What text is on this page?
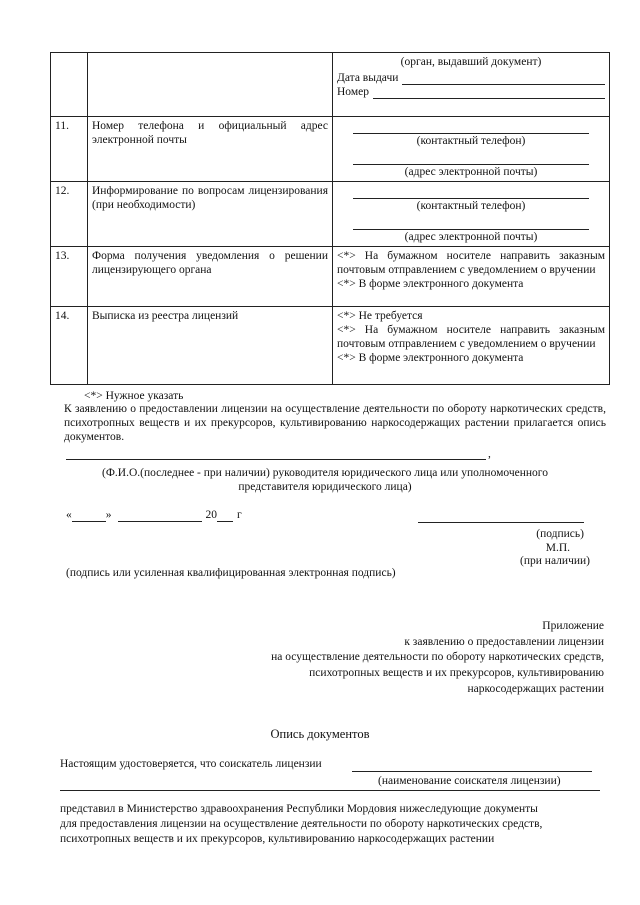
		(орган, выдавший документ)
Дата выдачи
Номер

11.	Номер телефона и официальный адрес электронной почты	(контактный телефон)
(адрес электронной почты)

12.	Информирование по вопросам лицензирования (при необходимости)	(контактный телефон)
(адрес электронной почты)

13.	Форма получения уведомления о решении лицензирующего органа	<*> На бумажном носителе направить заказным почтовым отправлением с уведомлением о вручении
<*> В форме электронного документа

14.	Выписка из реестра лицензий	<*> Не требуется
<*> На бумажном носителе направить заказным почтовым отправлением с уведомлением о вручении
<*> В форме электронного документа
<*> Нужное указать
К заявлению о предоставлении лицензии на осуществление деятельности по обороту наркотических средств, психотропных веществ и их прекурсоров, культивированию наркосодержащих растении прилагается опись документов.
,
(Ф.И.О.(последнее - при наличии) руководителя юридического лица или уполномоченного представителя юридического лица)
«	»	20 г
(подпись)
М.П.
(при наличии)
(подпись или усиленная квалифицированная электронная подпись)
Приложение
к заявлению о предоставлении лицензии
на осуществление деятельности по обороту наркотических средств,
психотропных веществ и их прекурсоров, культивированию
наркосодержащих растении
Опись документов
Настоящим удостоверяется, что соискатель лицензии
(наименование соискателя лицензии)
представил в Министерство здравоохранения Республики Мордовия нижеследующие документы
для предоставления лицензии на осуществление деятельности по обороту наркотических средств,
психотропных веществ и их прекурсоров, культивированию наркосодержащих растении
